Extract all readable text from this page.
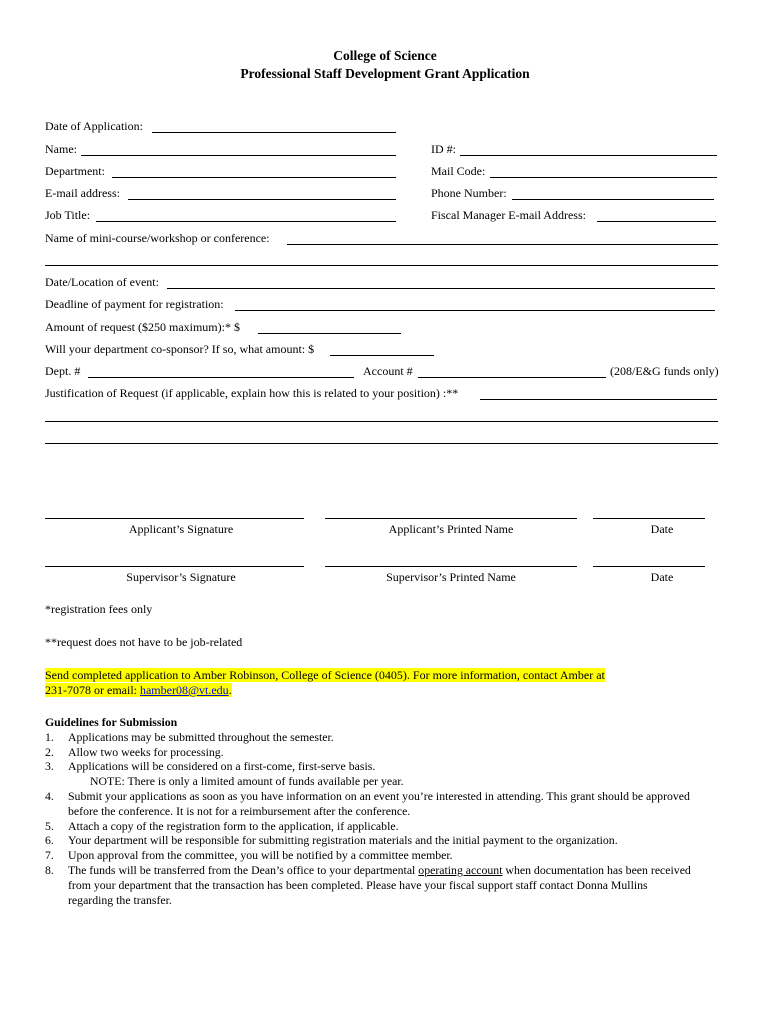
College of Science
Professional Staff Development Grant Application
Date of Application:
Name:	ID #:
Department:	Mail Code:
E-mail address:	Phone Number:
Job Title:	Fiscal Manager E-mail Address:
Name of mini-course/workshop or conference:
Date/Location of event:
Deadline of payment for registration:
Amount of request ($250 maximum):* $
Will your department co-sponsor? If so, what amount: $
Dept. #	Account #	(208/E&G funds only)
Justification of Request (if applicable, explain how this is related to your position) :**
Applicant’s Signature	Applicant’s Printed Name	Date
Supervisor’s Signature	Supervisor’s Printed Name	Date
*registration fees only
**request does not have to be job-related
Send completed application to Amber Robinson, College of Science (0405). For more information, contact Amber at
231-7078 or email: hamber08@vt.edu.
Guidelines for Submission
1. Applications may be submitted throughout the semester.
2. Allow two weeks for processing.
3. Applications will be considered on a first-come, first-serve basis.
NOTE: There is only a limited amount of funds available per year.
4. Submit your applications as soon as you have information on an event you’re interested in attending. This grant should be approved before the conference. It is not for a reimbursement after the conference.
5. Attach a copy of the registration form to the application, if applicable.
6. Your department will be responsible for submitting registration materials and the initial payment to the organization.
7. Upon approval from the committee, you will be notified by a committee member.
8. The funds will be transferred from the Dean’s office to your departmental operating account when documentation has been received from your department that the transaction has been completed. Please have your fiscal support staff contact Donna Mullins regarding the transfer.
